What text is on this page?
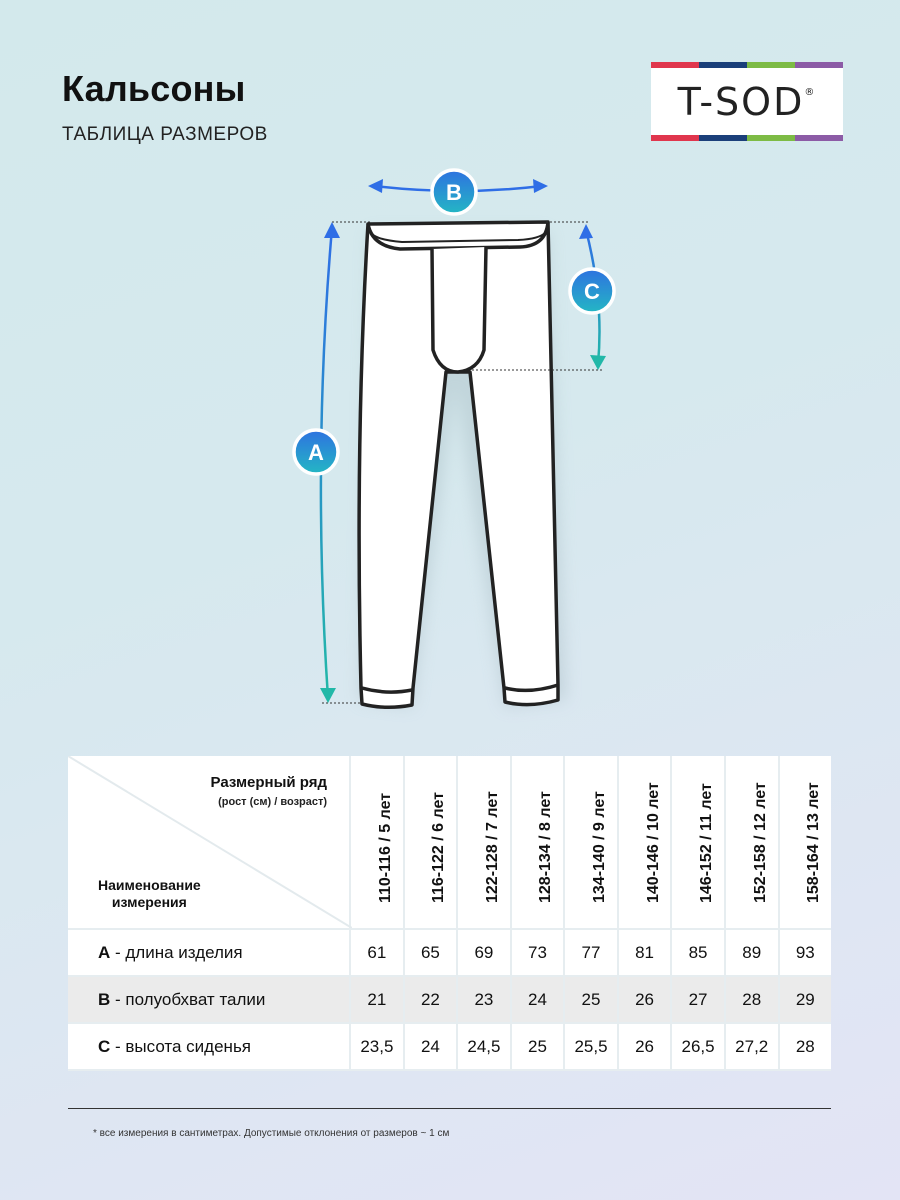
Кальсоны

ТАБЛИЦА РАЗМЕРОВ

T-SOD®
B
C
A
Размерный ряд
(рост (см) / возраст)
Наименование
измерения	110-116 / 5 лет	116-122 / 6 лет	122-128 / 7 лет	128-134 / 8 лет	134-140 / 9 лет	140-146 / 10 лет	146-152 / 11 лет	152-158 / 12 лет	158-164 / 13 лет

A - длина изделия	61	65	69	73	77	81	85	89	93
B - полуобхват талии	21	22	23	24	25	26	27	28	29
C - высота сиденья	23,5	24	24,5	25	25,5	26	26,5	27,2	28

* все измерения в сантиметрах. Допустимые отклонения от размеров ~ 1 см
